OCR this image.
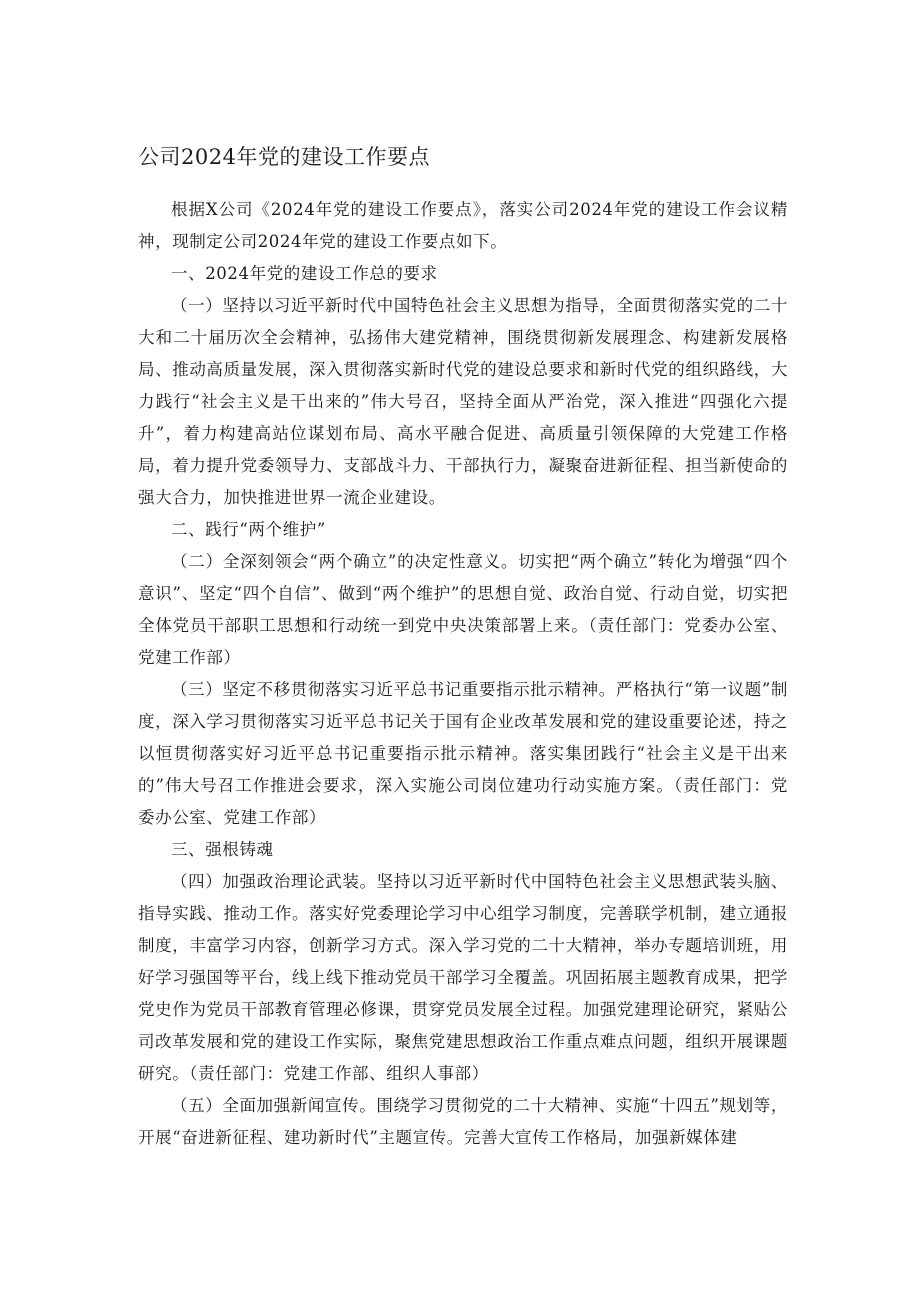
公司2024年党的建设工作要点

根据X公司《2024年党的建设工作要点》，落实公司2024年党的建设工作会议精神，现制定公司2024年党的建设工作要点如下。

一、2024年党的建设工作总的要求

（一）坚持以习近平新时代中国特色社会主义思想为指导，全面贯彻落实党的二十大和二十届历次全会精神，弘扬伟大建党精神，围绕贯彻新发展理念、构建新发展格局、推动高质量发展，深入贯彻落实新时代党的建设总要求和新时代党的组织路线，大力践行“社会主义是干出来的”伟大号召，坚持全面从严治党，深入推进“四强化六提升”，着力构建高站位谋划布局、高水平融合促进、高质量引领保障的大党建工作格局，着力提升党委领导力、支部战斗力、干部执行力，凝聚奋进新征程、担当新使命的强大合力，加快推进世界一流企业建设。

二、践行“两个维护”

（二）全深刻领会“两个确立”的决定性意义。切实把“两个确立”转化为增强“四个意识”、坚定“四个自信”、做到“两个维护”的思想自觉、政治自觉、行动自觉，切实把全体党员干部职工思想和行动统一到党中央决策部署上来。（责任部门：党委办公室、党建工作部）

（三）坚定不移贯彻落实习近平总书记重要指示批示精神。严格执行“第一议题”制度，深入学习贯彻落实习近平总书记关于国有企业改革发展和党的建设重要论述，持之以恒贯彻落实好习近平总书记重要指示批示精神。落实集团践行“社会主义是干出来的”伟大号召工作推进会要求，深入实施公司岗位建功行动实施方案。（责任部门：党委办公室、党建工作部）

三、强根铸魂

（四）加强政治理论武装。坚持以习近平新时代中国特色社会主义思想武装头脑、指导实践、推动工作。落实好党委理论学习中心组学习制度，完善联学机制，建立通报制度，丰富学习内容，创新学习方式。深入学习党的二十大精神，举办专题培训班，用好学习强国等平台，线上线下推动党员干部学习全覆盖。巩固拓展主题教育成果，把学党史作为党员干部教育管理必修课，贯穿党员发展全过程。加强党建理论研究，紧贴公司改革发展和党的建设工作实际，聚焦党建思想政治工作重点难点问题，组织开展课题研究。（责任部门：党建工作部、组织人事部）

（五）全面加强新闻宣传。围绕学习贯彻党的二十大精神、实施“十四五”规划等，开展“奋进新征程、建功新时代”主题宣传。完善大宣传工作格局，加强新媒体建
